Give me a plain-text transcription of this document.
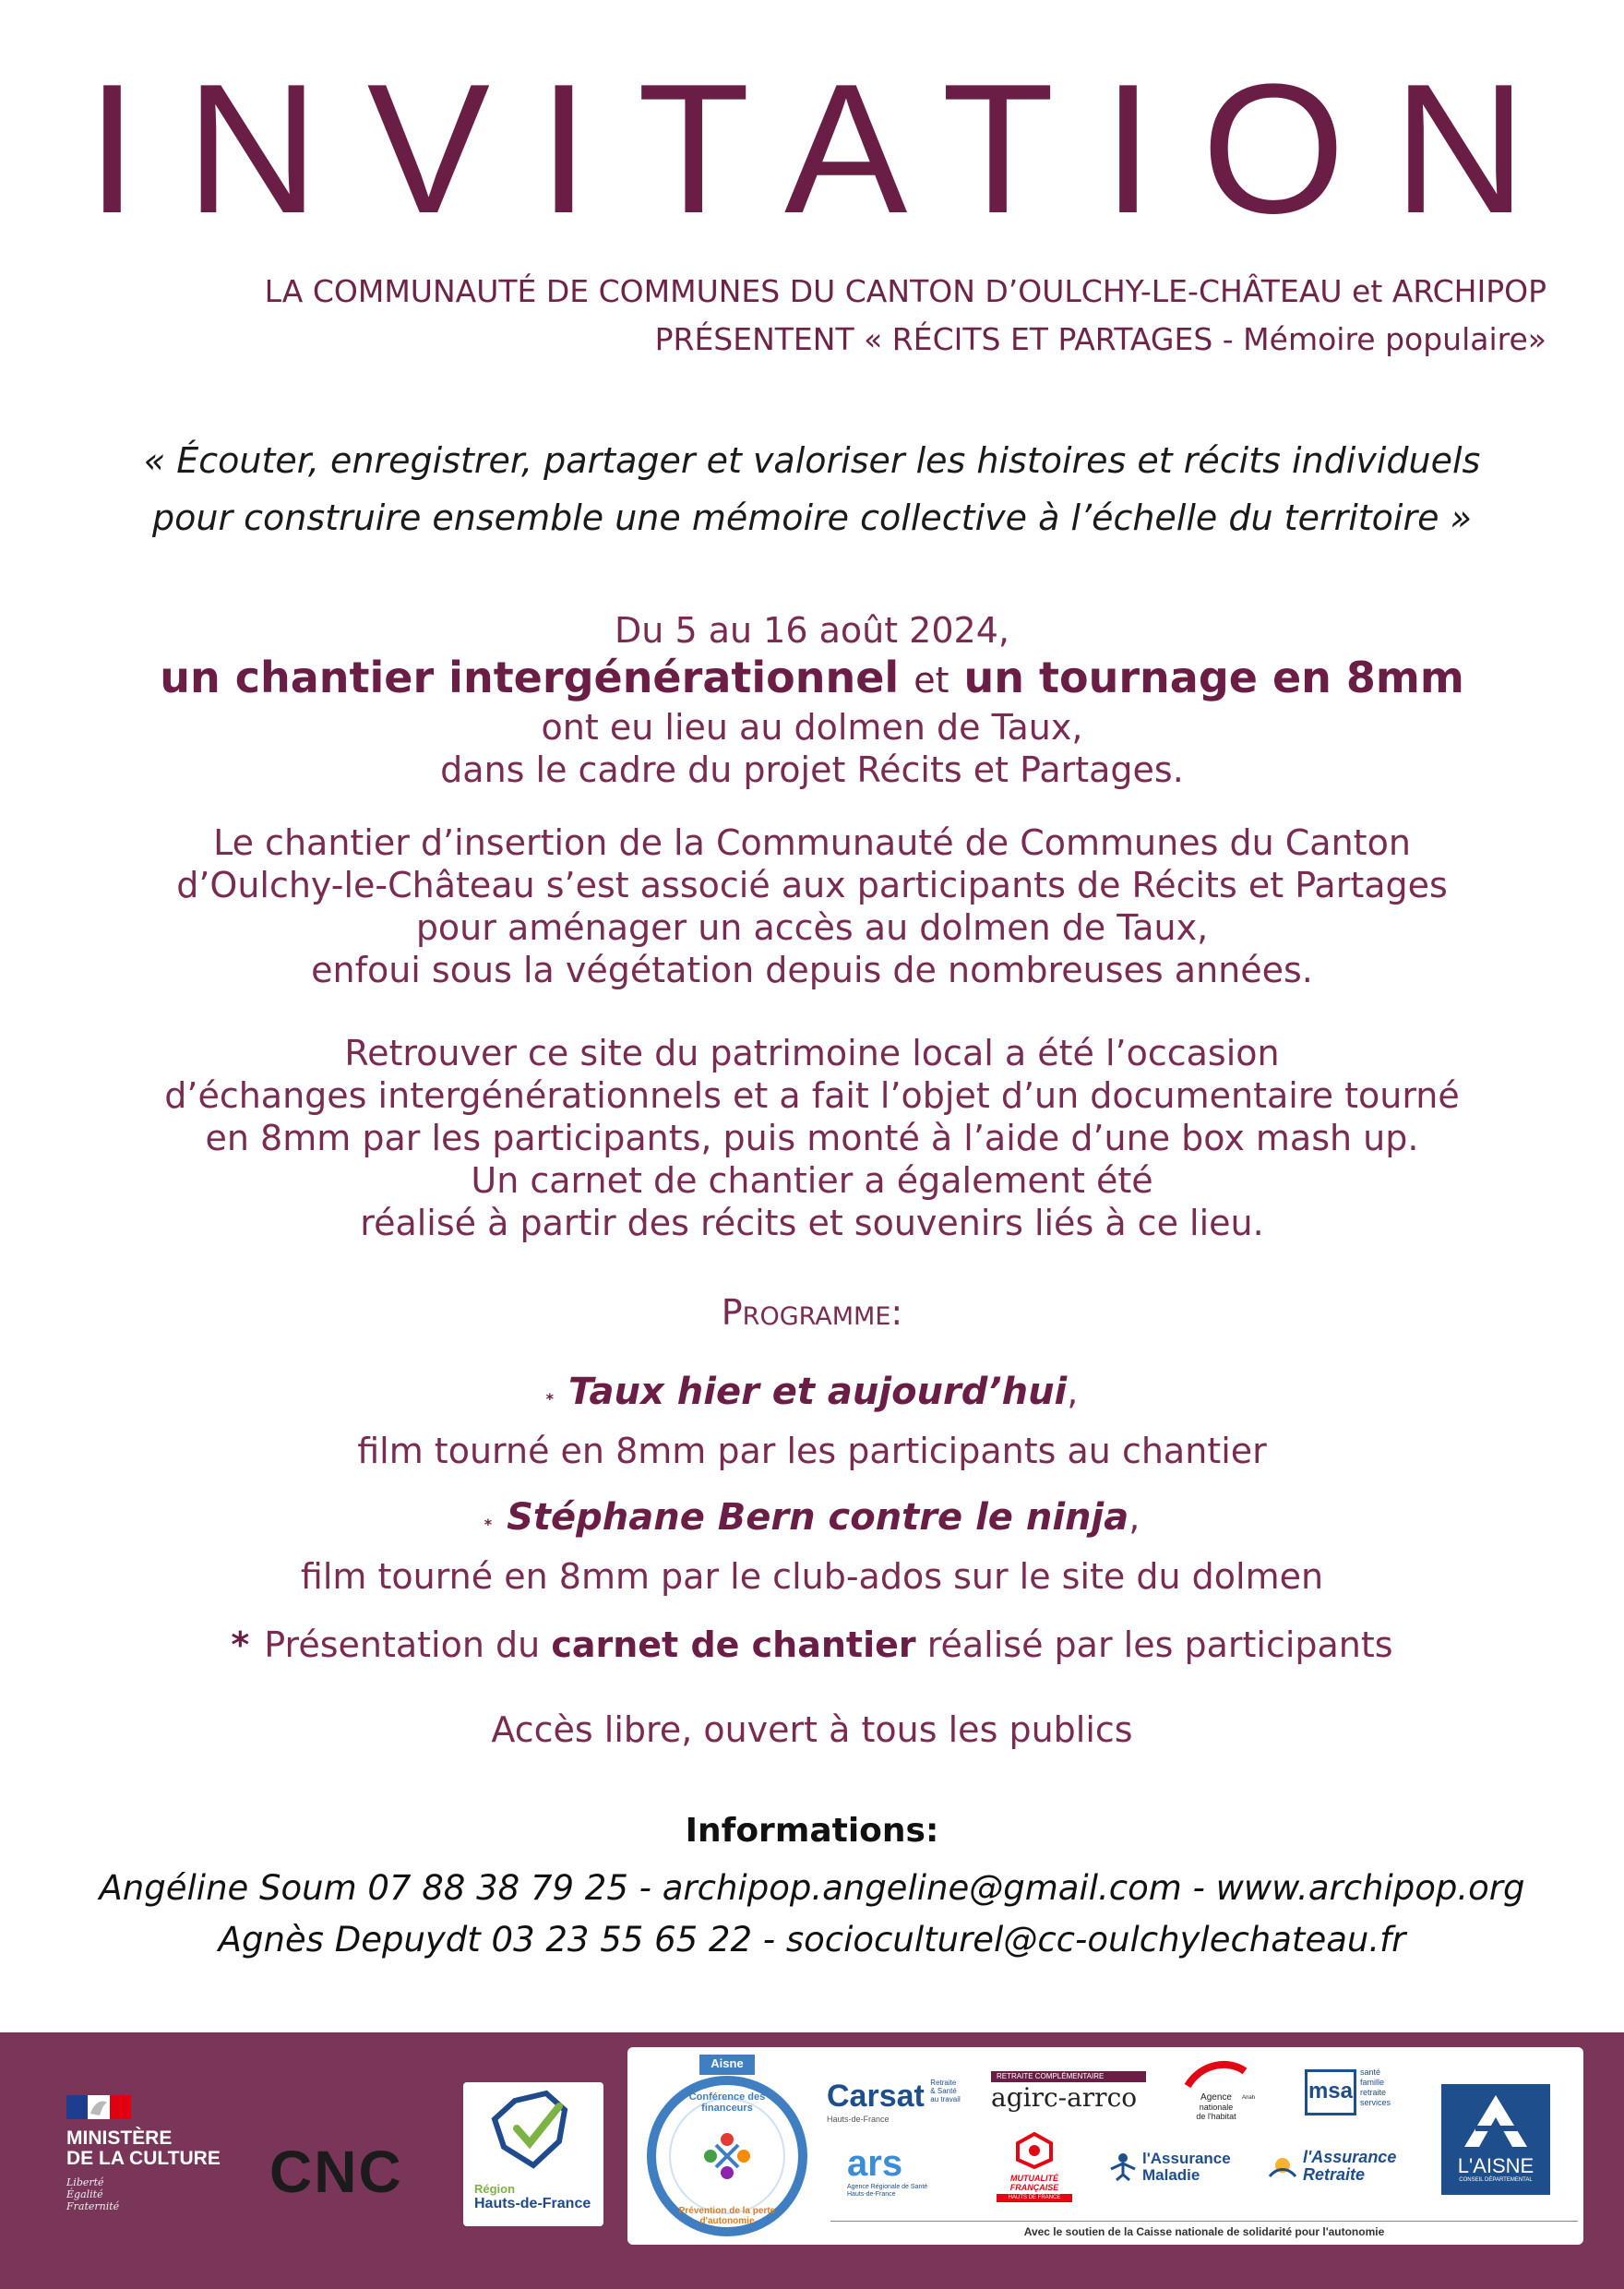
INVITATION
LA COMMUNAUTÉ DE COMMUNES DU CANTON D’OULCHY-LE-CHÂTEAU et ARCHIPOP
PRÉSENTENT « RÉCITS ET PARTAGES - Mémoire populaire»
« Écouter, enregistrer, partager et valoriser les histoires et récits individuels
pour construire ensemble une mémoire collective à l’échelle du territoire »
Du 5 au 16 août 2024,
un chantier intergénérationnel et un tournage en 8mm
ont eu lieu au dolmen de Taux,
dans le cadre du projet Récits et Partages.
Le chantier d’insertion de la Communauté de Communes du Canton
d’Oulchy-le-Château s’est associé aux participants de Récits et Partages
pour aménager un accès au dolmen de Taux,
enfoui sous la végétation depuis de nombreuses années.
Retrouver ce site du patrimoine local a été l’occasion
d’échanges intergénérationnels et a fait l’objet d’un documentaire tourné
en 8mm par les participants, puis monté à l’aide d’une box mash up.
Un carnet de chantier a également été
réalisé à partir des récits et souvenirs liés à ce lieu.
Programme:
* Taux hier et aujourd’hui,
film tourné en 8mm par les participants au chantier
* Stéphane Bern contre le ninja,
film tourné en 8mm par le club-ados sur le site du dolmen
* Présentation du carnet de chantier réalisé par les participants
Accès libre, ouvert à tous les publics
Informations:
Angéline Soum 07 88 38 79 25 - archipop.angeline@gmail.com - www.archipop.org
Agnès Depuydt 03 23 55 65 22 - socioculturel@cc-oulchylechateau.fr
MINISTÈRE
DE LA CULTURE
Liberté
Égalité
Fraternité
CNC	Région
Hauts-de-France
Aisne
Conférence des financeurs
Prévention de la perte d'autonomie
Carsat Retraite
& Santé
au travail
Hauts-de-France
RETRAITE COMPLÉMENTAIRE
agirc-arrco	Agence
nationale
de l'habitat
Anah msa
santé
famille
retraite
services
L'AISNE
CONSEIL DÉPARTEMENTAL
ars
Agence Régionale de Santé
Hauts-de-France
MUTUALITÉ
FRANÇAISE
HAUTS DE FRANCE
l'Assurance
Maladie
l'Assurance
Retraite
Avec le soutien de la Caisse nationale de solidarité pour l'autonomie
